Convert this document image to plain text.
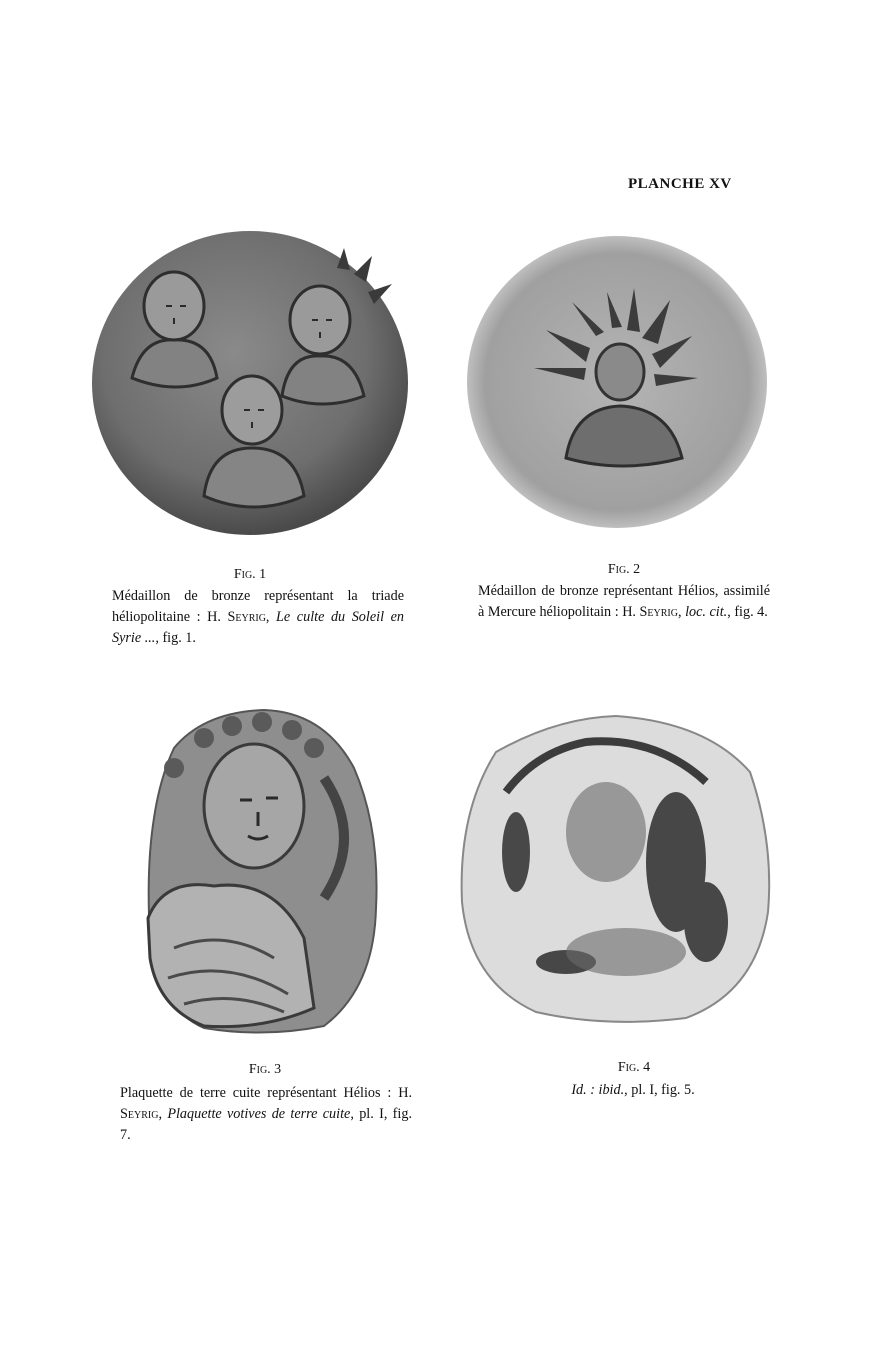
PLANCHE XV
Fig. 1
Médaillon de bronze représentant la triade héliopolitaine : H. Seyrig, Le culte du Soleil en Syrie ..., fig. 1.
Fig. 2
Médaillon de bronze représentant Hélios, assimilé à Mercure héliopolitain : H. Seyrig, loc. cit., fig. 4.
Fig. 3
Plaquette de terre cuite représentant Hélios : H. Seyrig, Plaquette votives de terre cuite, pl. I, fig. 7.
Fig. 4
Id. : ibid., pl. I, fig. 5.
